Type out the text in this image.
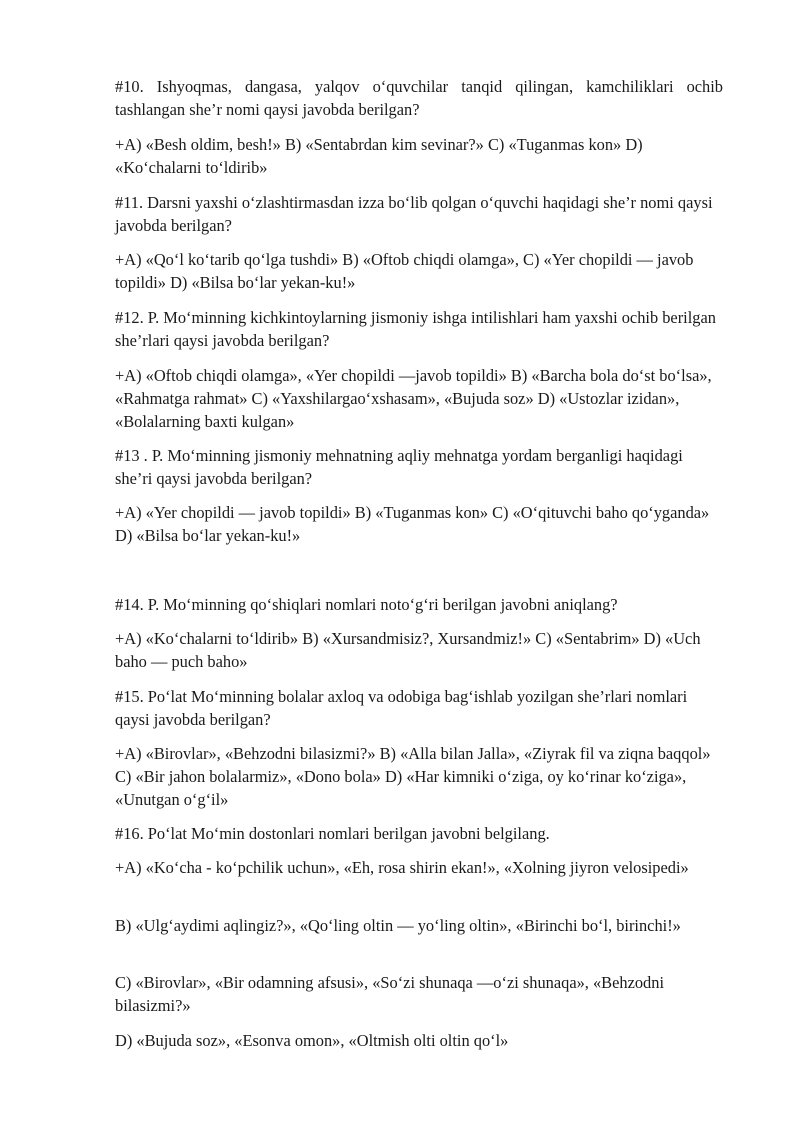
#10. Ishyoqmas, dangasa, yalqov o‘quvchilar tanqid qilingan, kamchiliklari ochib tashlangan she’r nomi qaysi javobda berilgan?

+A) «Besh oldim, besh!» B) «Sentabrdan kim sevinar?» C) «Tuganmas kon» D) «Ko‘chalarni to‘ldirib»

#11. Darsni yaxshi o‘zlashtirmasdan izza bo‘lib qolgan o‘quvchi haqidagi she’r nomi qaysi javobda berilgan?

+A) «Qo‘l ko‘tarib qo‘lga tushdi» B) «Oftob chiqdi olamga», C) «Yer chopildi — javob topildi» D) «Bilsa bo‘lar yekan-ku!»

#12. P. Mo‘minning kichkintoylarning jismoniy ishga intilishlari ham yaxshi ochib berilgan she’rlari qaysi javobda berilgan?

+A) «Oftob chiqdi olamga», «Yer chopildi —javob topildi» B) «Barcha bola do‘st bo‘lsa», «Rahmatga rahmat» C) «Yaxshilargao‘xshasam», «Bujuda soz» D) «Ustozlar izidan», «Bolalarning baxti kulgan»

#13 . P. Mo‘minning jismoniy mehnatning aqliy mehnatga yordam berganligi haqidagi she’ri qaysi javobda berilgan?

+A) «Yer chopildi — javob topildi» B) «Tuganmas kon» C) «O‘qituvchi baho qo‘yganda» D) «Bilsa bo‘lar yekan-ku!»

#14. P. Mo‘minning qo‘shiqlari nomlari noto‘g‘ri berilgan javobni aniqlang?

+A) «Ko‘chalarni to‘ldirib» B) «Xursandmisiz?, Xursandmiz!» C) «Sentabrim» D) «Uch baho — puch baho»

#15. Po‘lat Mo‘minning bolalar axloq va odobiga bag‘ishlab yozilgan she’rlari nomlari qaysi javobda berilgan?

+A) «Birovlar», «Behzodni bilasizmi?» B) «Alla bilan Jalla», «Ziyrak fil va ziqna baqqol» C) «Bir jahon bolalarmiz», «Dono bola» D) «Har kimniki o‘ziga, oy ko‘rinar ko‘ziga», «Unutgan o‘g‘il»

#16. Po‘lat Mo‘min dostonlari nomlari berilgan javobni belgilang.

+A) «Ko‘cha - ko‘pchilik uchun», «Eh, rosa shirin ekan!», «Xolning jiyron velosipedi»

B) «Ulg‘aydimi aqlingiz?», «Qo‘ling oltin — yo‘ling oltin», «Birinchi bo‘l, birinchi!»

C) «Birovlar», «Bir odamning afsusi», «So‘zi shunaqa —o‘zi shunaqa», «Behzodni bilasizmi?»

D) «Bujuda soz», «Esonva omon», «Oltmish olti oltin qo‘l»
